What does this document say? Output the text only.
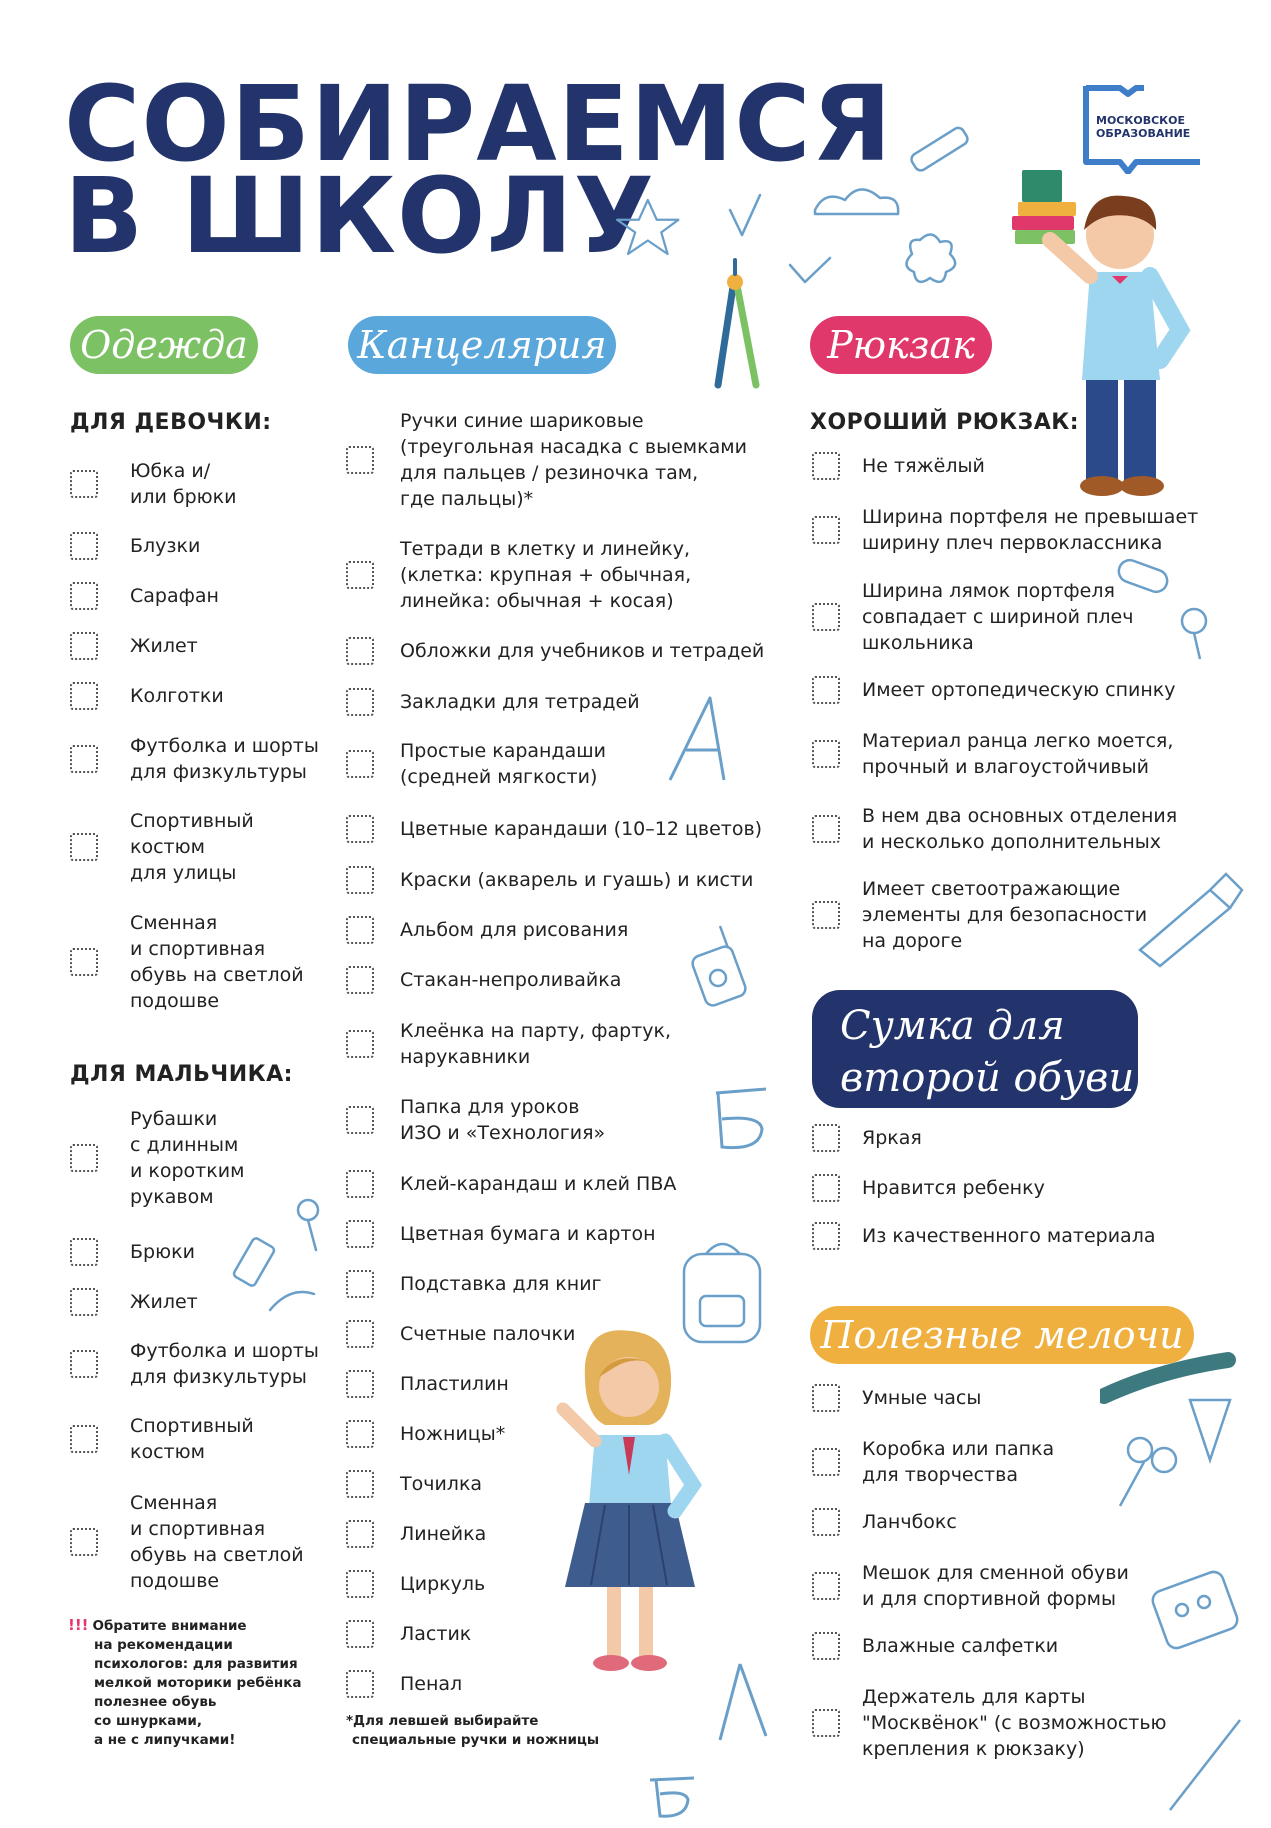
СОБИРАЕМСЯ
В ШКОЛУ
МОСКОВСКОЕ
ОБРАЗОВАНИЕ
Одежда
ДЛЯ ДЕВОЧКИ:
Юбка и/
или брюки
Блузки
Сарафан
Жилет
Колготки
Футболка и шорты
для физкультуры
Спортивный
костюм
для улицы
Сменная
и спортивная
обувь на светлой
подошве
ДЛЯ МАЛЬЧИКА:
Рубашки
с длинным
и коротким
рукавом
Брюки
Жилет
Футболка и шорты
для физкультуры
Спортивный
костюм
Сменная
и спортивная
обувь на светлой
подошве
!!! Обратите внимание
на рекомендации
психологов: для развития
мелкой моторики ребёнка
полезнее обувь
со шнурками,
а не с липучками!
Канцелярия
Ручки синие шариковые
(треугольная насадка с выемками
для пальцев / резиночка там,
где пальцы)*
Тетради в клетку и линейку,
(клетка: крупная + обычная,
линейка: обычная + косая)
Обложки для учебников и тетрадей
Закладки для тетрадей
Простые карандаши
(средней мягкости)
Цветные карандаши (10–12 цветов)
Краски (акварель и гуашь) и кисти
Альбом для рисования
Стакан-непроливайка
Клеёнка на парту, фартук,
нарукавники
Папка для уроков
ИЗО и «Технология»
Клей-карандаш и клей ПВА
Цветная бумага и картон
Подставка для книг
Счетные палочки
Пластилин
Ножницы*
Точилка
Линейка
Циркуль
Ластик
Пенал
*Для левшей выбирайте
специальные ручки и ножницы
Рюкзак
ХОРОШИЙ РЮКЗАК:
Не тяжёлый
Ширина портфеля не превышает
ширину плеч первоклассника
Ширина лямок портфеля
совпадает с шириной плеч
школьника
Имеет ортопедическую спинку
Материал ранца легко моется,
прочный и влагоустойчивый
В нем два основных отделения
и несколько дополнительных
Имеет светоотражающие
элементы для безопасности
на дороге
Сумка для
второй обуви:
Яркая
Нравится ребенку
Из качественного материала
Полезные мелочи
Умные часы
Коробка или папка
для творчества
Ланчбокс
Мешок для сменной обуви
и для спортивной формы
Влажные салфетки
Держатель для карты
"Москвёнок" (с возможностью
крепления к рюкзаку)
